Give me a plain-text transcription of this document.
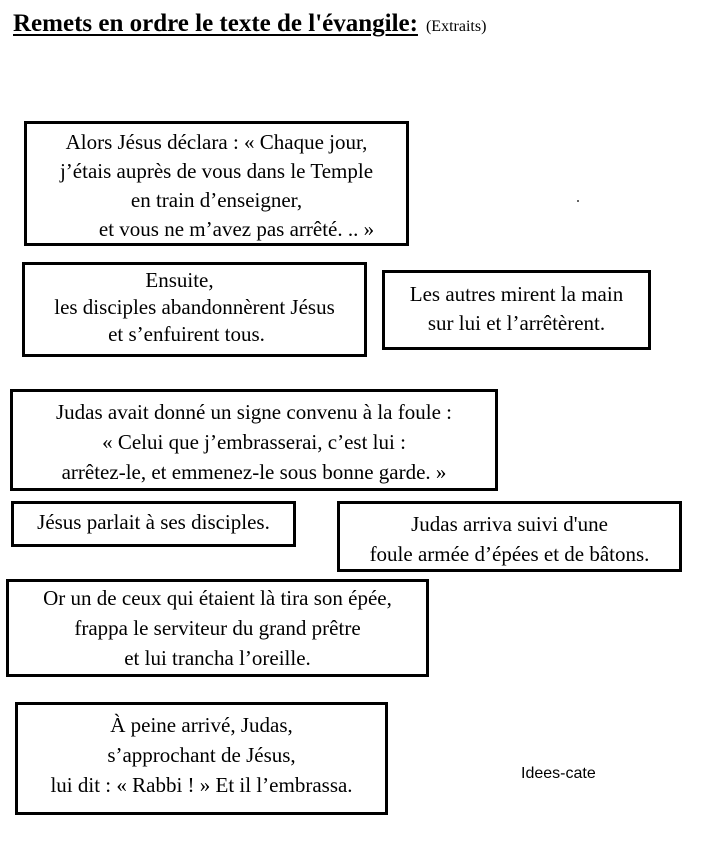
Remets en ordre le texte de l'évangile: (Extraits)
Alors Jésus déclara : « Chaque jour,
j’étais auprès de vous dans le Temple
en train d’enseigner,
et vous ne m’avez pas arrêté. .. »
Ensuite,
les disciples abandonnèrent Jésus
et s’enfuirent tous.
Les autres mirent la main
sur lui et l’arrêtèrent.
Judas avait donné un signe convenu à la foule :
« Celui que j’embrasserai, c’est lui :
arrêtez-le, et emmenez-le sous bonne garde. »
Jésus parlait à ses disciples.	Judas arriva suivi d'une
foule armée d’épées et de bâtons.
Or un de ceux qui étaient là tira son épée,
frappa le serviteur du grand prêtre
et lui trancha l’oreille.
À peine arrivé, Judas,
s’approchant de Jésus,
lui dit : « Rabbi ! » Et il l’embrassa.	Idees-cate
